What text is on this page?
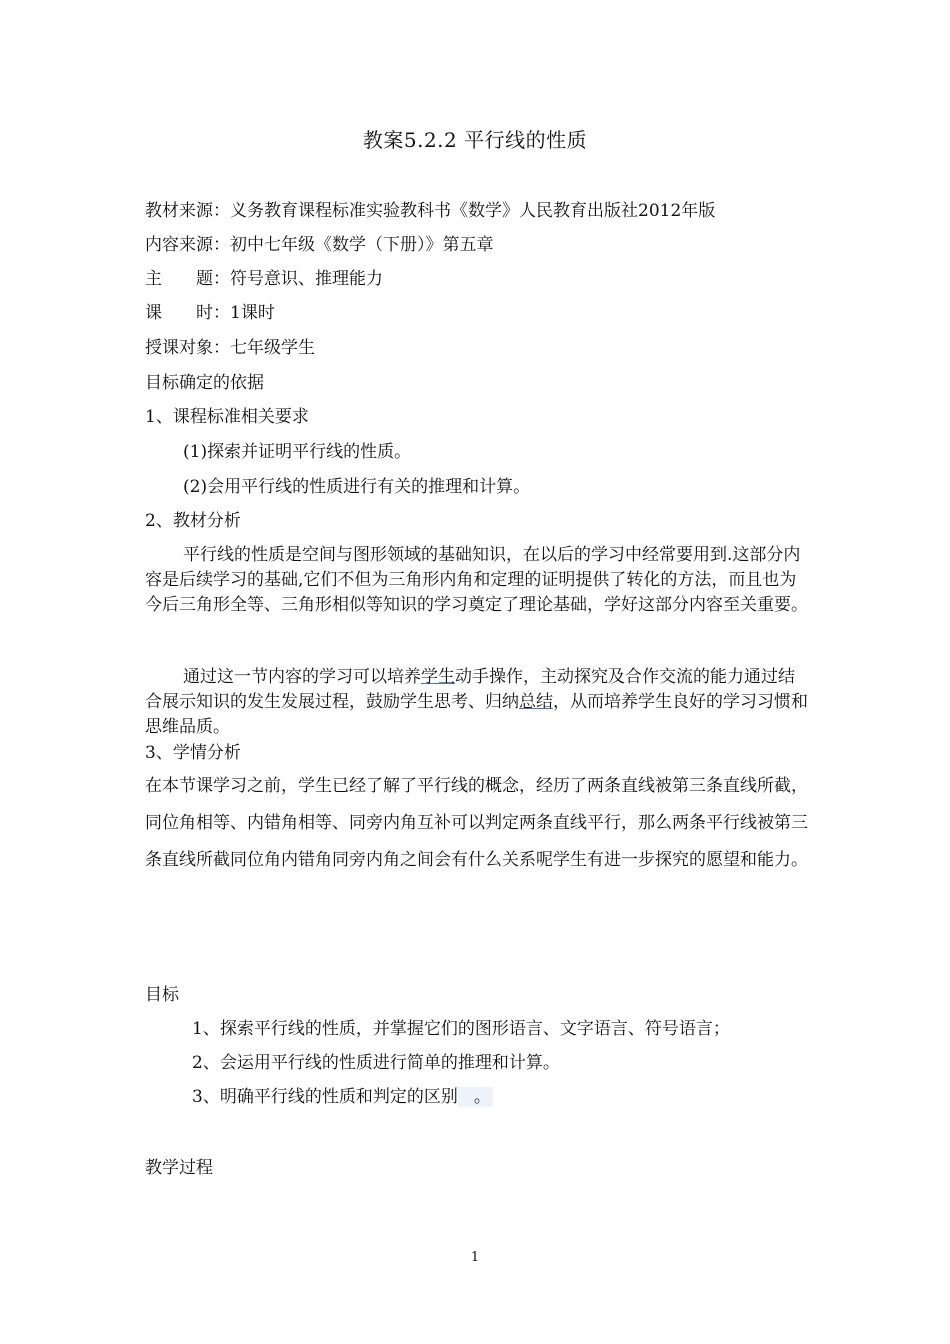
教案5.2.2 平行线的性质
教材来源：义务教育课程标准实验教科书《数学》人民教育出版社2012年版
内容来源：初中七年级《数学（下册）》第五章
主　　题：符号意识、推理能力
课　　时：1课时
授课对象：七年级学生
目标确定的依据
1、课程标准相关要求
(1)探索并证明平行线的性质。
(2)会用平行线的性质进行有关的推理和计算。
2、教材分析
平行线的性质是空间与图形领域的基础知识，在以后的学习中经常要用到.这部分内容是后续学习的基础,它们不但为三角形内角和定理的证明提供了转化的方法，而且也为今后三角形全等、三角形相似等知识的学习奠定了理论基础，学好这部分内容至关重要。
通过这一节内容的学习可以培养学生动手操作，主动探究及合作交流的能力通过结合展示知识的发生发展过程，鼓励学生思考、归纳总结，从而培养学生良好的学习习惯和思维品质。
3、学情分析
在本节课学习之前，学生已经了解了平行线的概念，经历了两条直线被第三条直线所截，同位角相等、内错角相等、同旁内角互补可以判定两条直线平行，那么两条平行线被第三条直线所截同位角内错角同旁内角之间会有什么关系呢学生有进一步探究的愿望和能力。
目标
1、探索平行线的性质，并掌握它们的图形语言、文字语言、符号语言；
2、会运用平行线的性质进行简单的推理和计算。
3、明确平行线的性质和判定的区别 。
教学过程
1
